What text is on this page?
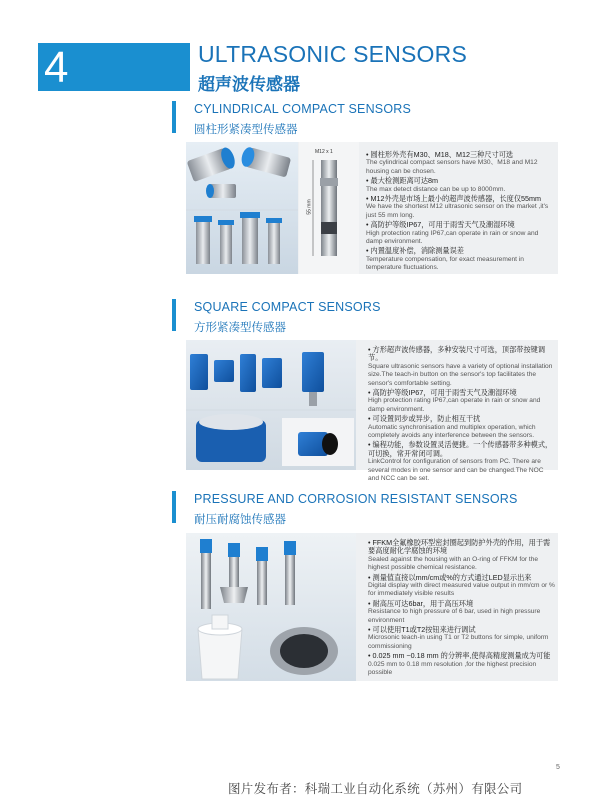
4	ULTRASONIC SENSORS
超声波传感器
CYLINDRICAL COMPACT SENSORS
圆柱形紧凑型传感器
M12 x 1
55 mm
• 圆柱形外壳有M30、M18、M12三种尺寸可选
The cylindrical compact sensors have M30、M18 and M12 housing can be chosen.
• 最大检测距离可达8m
The max detect distance can be up to 8000mm.
• M12外壳是市场上最小的超声波传感器，长度仅55mm
We have the shortest M12 ultrasonic sensor on the market ,it's just 55 mm long.
• 高防护等级IP67，可用于雨雪天气及潮湿环境
High protection rating IP67,can operate in rain or snow and damp environment.
• 内置温度补偿，消除测量误差
Temperature compensation, for exact measurement in temperature fluctuations.
SQUARE COMPACT SENSORS
方形紧凑型传感器
• 方形超声波传感器，多种安装尺寸可选，顶部带按键调节。
Square ultrasonic sensors have a variety of optional installation size.The teach-in button on the sensor's top facilitates the sensor's comfortable setting.
• 高防护等级IP67，可用于雨雪天气及潮湿环境
High protection rating IP67,can operate in rain or snow and damp environment.
• 可设置同步或异步，防止相互干扰
Automatic synchronisation and multiplex operation, which completely avoids any interference between the sensors.
• 编程功能，参数设置灵活便捷。一个传感器带多种模式，可切换，常开常闭可调。
LinkControl for configuration of sensors from PC. There are several modes in one sensor and can be changed.The NOC and NCC can be set.
PRESSURE AND CORROSION RESISTANT SENSORS
耐压耐腐蚀传感器
• FFKM全氟橡胶环型密封圈起到防护外壳的作用，用于需要高度耐化学腐蚀的环境
Sealed against the housing with an O-ring of FFKM for the highest possible chemical resistance.
• 测量值直接以mm/cm或%的方式通过LED显示出来
Digital display with direct measured value output in mm/cm or % for immediately visible results
• 耐高压可达6bar，用于高压环境
Resistance to high pressure of 6 bar, used in high pressure environment
• 可以使用T1或T2按钮来进行调试
Microsonic teach-in using T1 or T2 buttons for simple, uniform commissioning
• 0.025 mm ~0.18 mm 的分辨率,使得高精度测量成为可能
0.025 mm to 0.18 mm resolution ,for the highest precision possible
5
图片发布者：科瑞工业自动化系统（苏州）有限公司
